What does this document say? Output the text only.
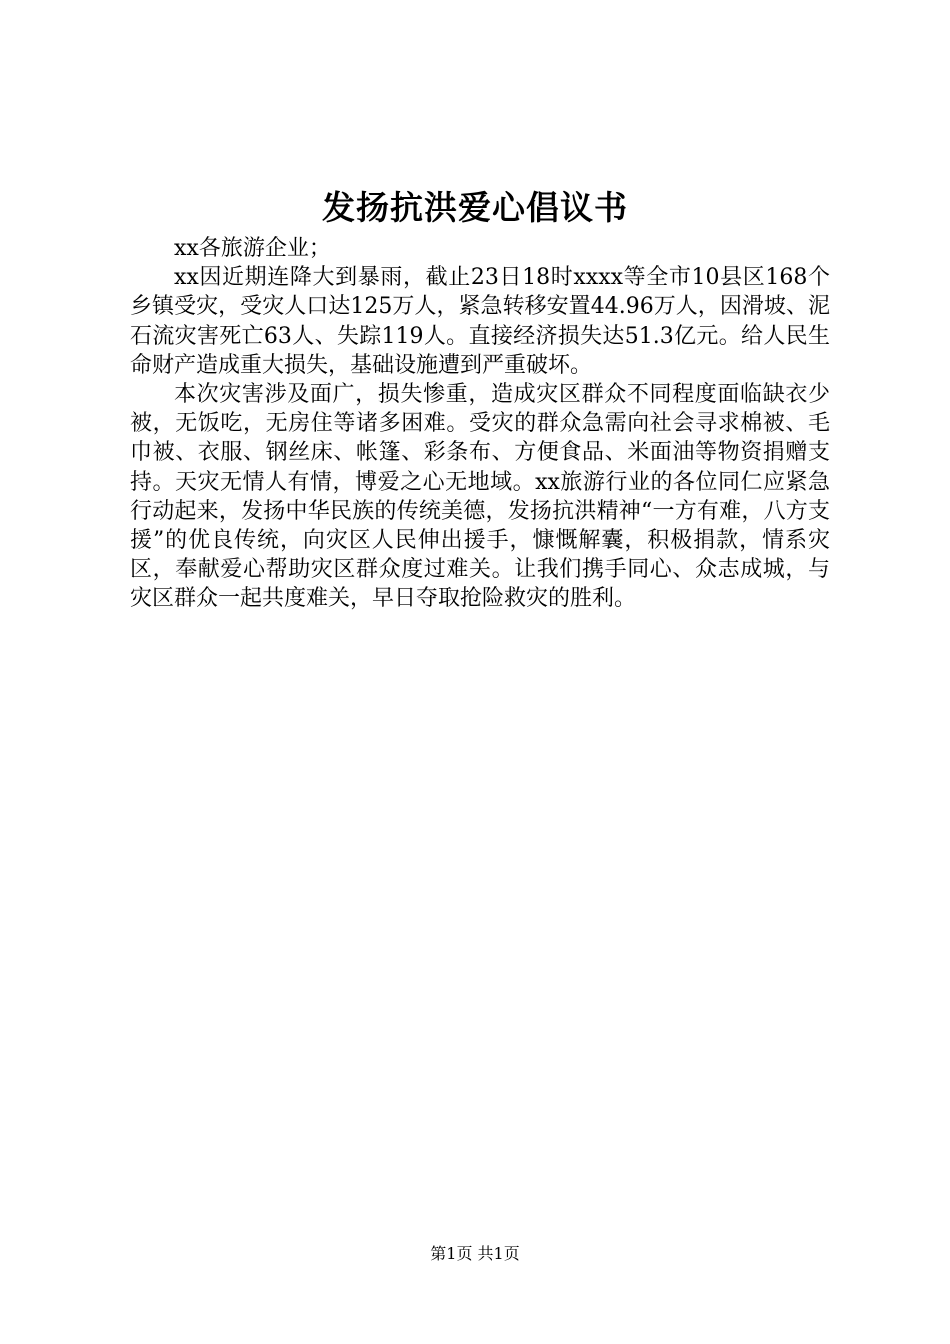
发扬抗洪爱心倡议书

xx各旅游企业；

xx因近期连降大到暴雨，截止23日18时xxxx等全市10县区168个乡镇受灾，受灾人口达125万人，紧急转移安置44.96万人，因滑坡、泥石流灾害死亡63人、失踪119人。直接经济损失达51.3亿元。给人民生命财产造成重大损失，基础设施遭到严重破坏。

本次灾害涉及面广，损失惨重，造成灾区群众不同程度面临缺衣少被，无饭吃，无房住等诸多困难。受灾的群众急需向社会寻求棉被、毛巾被、衣服、钢丝床、帐篷、彩条布、方便食品、米面油等物资捐赠支持。天灾无情人有情，博爱之心无地域。xx旅游行业的各位同仁应紧急行动起来，发扬中华民族的传统美德，发扬抗洪精神“一方有难，八方支援”的优良传统，向灾区人民伸出援手，慷慨解囊，积极捐款，情系灾区，奉献爱心帮助灾区群众度过难关。让我们携手同心、众志成城，与灾区群众一起共度难关，早日夺取抢险救灾的胜利。

第1页 共1页
